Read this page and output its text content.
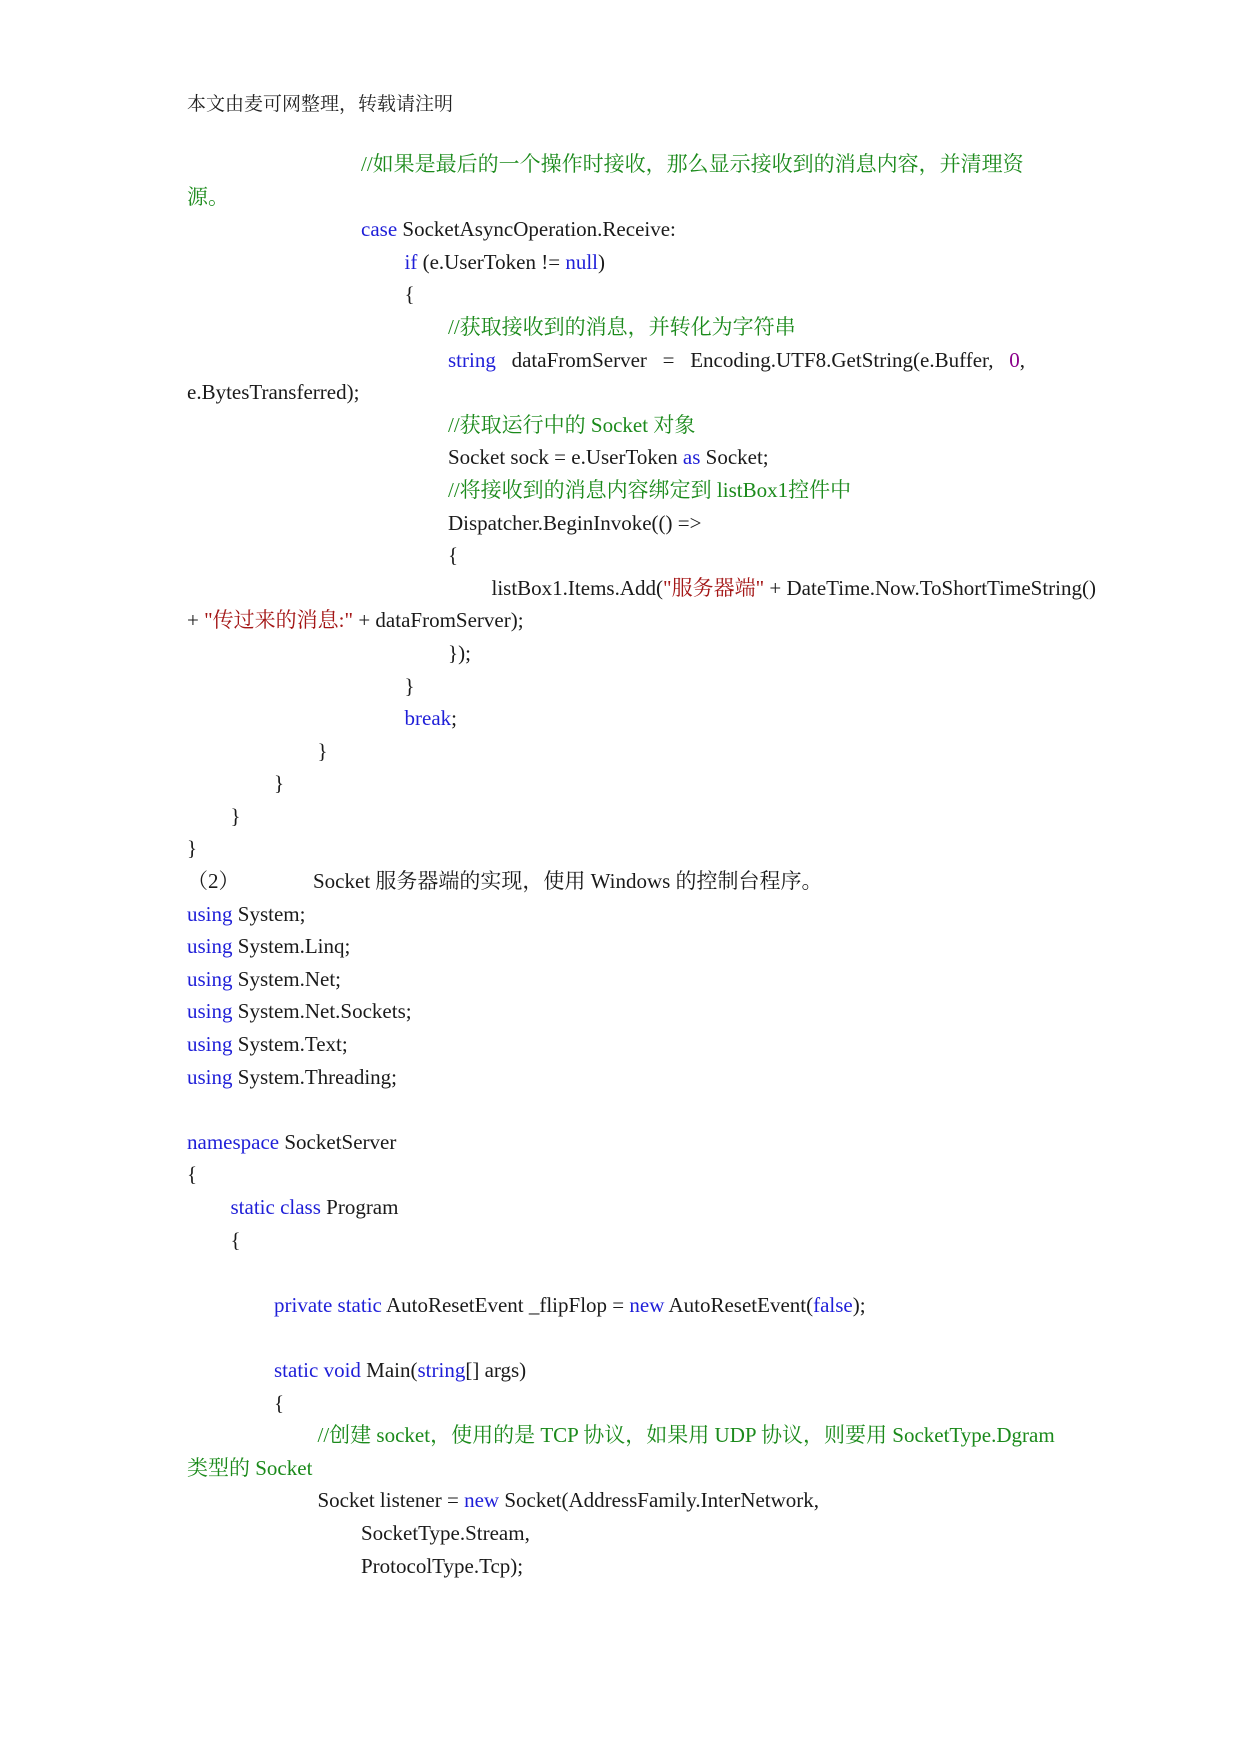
本文由麦可网整理，转载请注明
//如果是最后的一个操作时接收，那么显示接收到的消息内容，并清理资
源。
case SocketAsyncOperation.Receive:
if (e.UserToken != null)
{
//获取接收到的消息，并转化为字符串
string   dataFromServer   =   Encoding.UTF8.GetString(e.Buffer,   0,
e.BytesTransferred);
//获取运行中的 Socket 对象
Socket sock = e.UserToken as Socket;
//将接收到的消息内容绑定到 listBox1控件中
Dispatcher.BeginInvoke(() =>
{
listBox1.Items.Add("服务器端" + DateTime.Now.ToShortTimeString()
+ "传过来的消息:" + dataFromServer);
});
}
break;
}
}
}
}
（2）              Socket 服务器端的实现，使用 Windows 的控制台程序。
using System;
using System.Linq;
using System.Net;
using System.Net.Sockets;
using System.Text;
using System.Threading;
namespace SocketServer
{
static class Program
{
private static AutoResetEvent _flipFlop = new AutoResetEvent(false);
static void Main(string[] args)
{
//创建 socket，使用的是 TCP 协议，如果用 UDP 协议，则要用 SocketType.Dgram
类型的 Socket
Socket listener = new Socket(AddressFamily.InterNetwork,
SocketType.Stream,
ProtocolType.Tcp);
